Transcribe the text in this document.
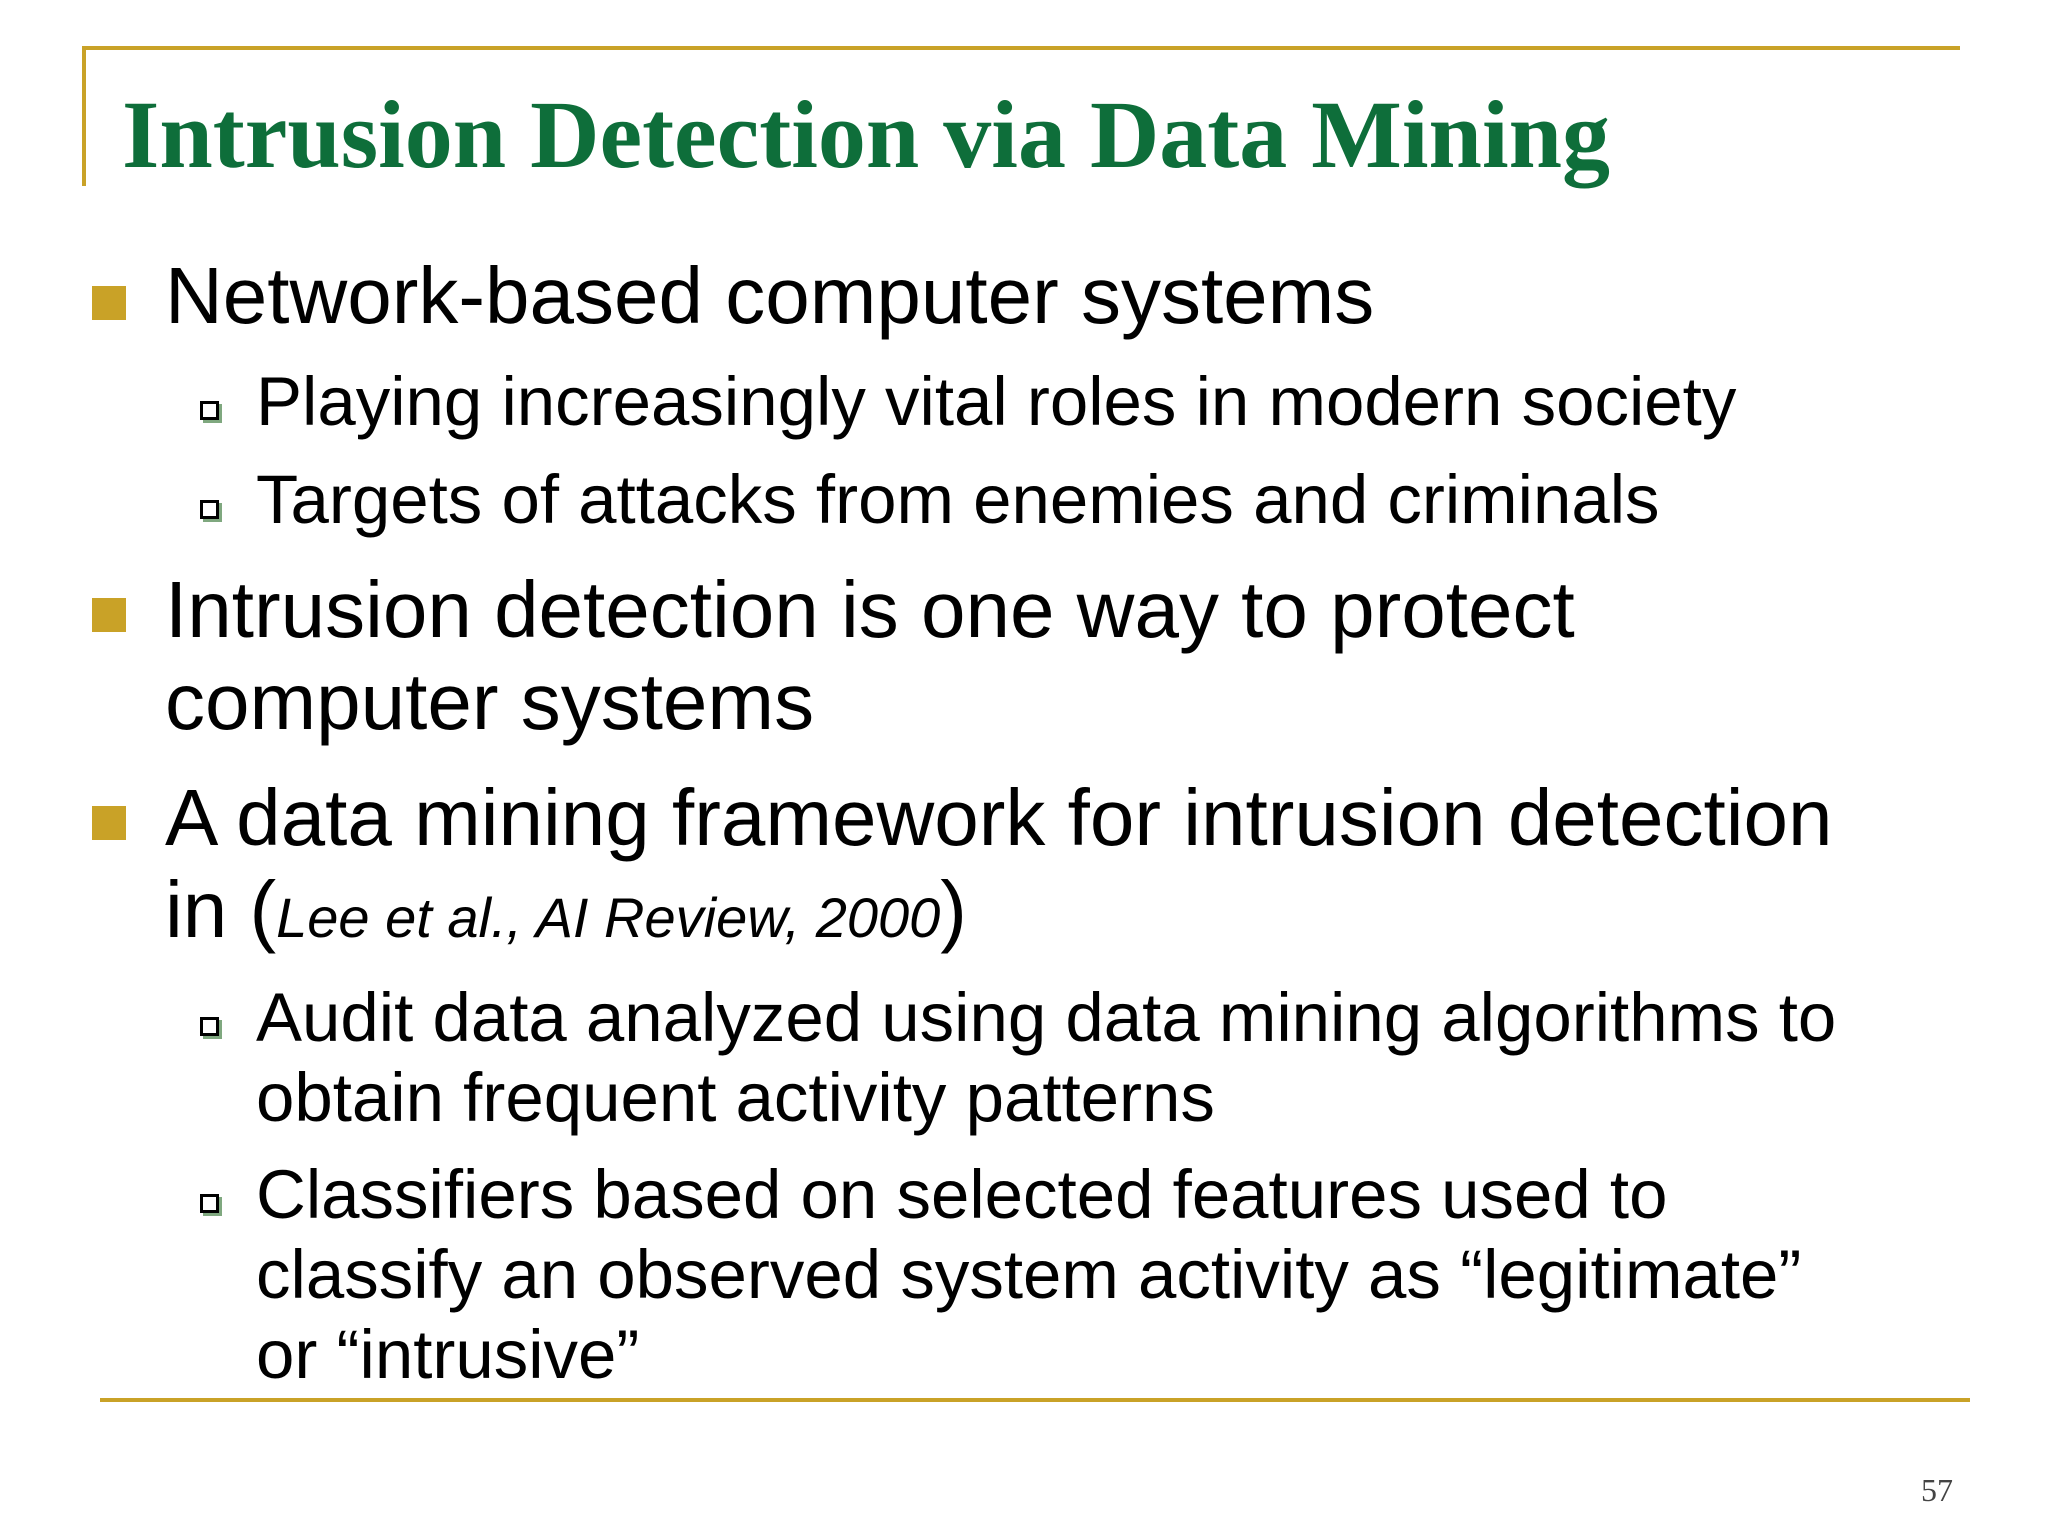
Intrusion Detection via Data Mining
Network-based computer systems
Playing increasingly vital roles in modern society
Targets of attacks from enemies and criminals
Intrusion detection is one way to protect
computer systems
A data mining framework for intrusion detection
in (Lee et al., AI Review, 2000)
Audit data analyzed using data mining algorithms to
obtain frequent activity patterns
Classifiers based on selected features used to
classify an observed system activity as “legitimate”
or “intrusive”
57
